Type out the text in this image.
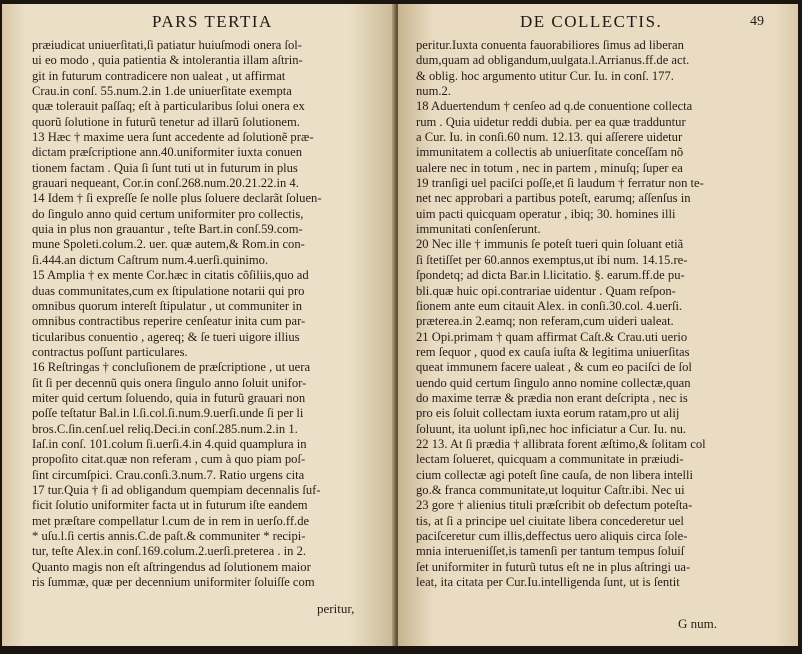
PARS TERTIA
præiudicat uniuerſitati,ſi patiatur huiuſmodi onera ſol-
ui eo modo , quia patientia & intolerantia illam aſtrin-
git in futurum contradicere non ualeat , ut affirmat
Crau.in conſ. 55.num.2.in 1.de uniuerſitate exempta
quæ tolerauit paſſaq; eſt à particularibus ſolui onera ex
quorũ ſolutione in futurũ tenetur ad illarũ ſolutionem.
13 Hæc † maxime uera ſunt accedente ad ſolutionẽ præ-
dictam præſcriptione ann.40.uniformiter iuxta conuen
tionem factam . Quia ſi ſunt tuti ut in futurum in plus
grauari nequeant, Cor.in conſ.268.num.20.21.22.in 4.
14 Idem † ſi expreſſe ſe nolle plus ſoluere declarãt ſoluen-
do ſingulo anno quid certum uniformiter pro collectis,
quia in plus non grauantur , teſte Bart.in conſ.59.com-
mune Spoleti.colum.2. uer. quæ autem,& Rom.in con-
ſi.444.an dictum Caſtrum num.4.uerſi.quinimo.
15 Amplia † ex mente Cor.hæc in citatis cõſiliis,quo ad
duas communitates,cum ex ſtipulatione notarii qui pro
omnibus quorum intereſt ſtipulatur , ut communiter in
omnibus contractibus reperire cenſeatur inita cum par-
ticularibus conuentio , agereq; & ſe tueri uigore illius
contractus poſſunt particulares.
16 Reſtringas † concluſionem de præſcriptione , ut uera
ſit ſi per decennũ quis onera ſingulo anno ſoluit unifor-
miter quid certum ſoluendo, quia in futurũ grauari non
poſſe teſtatur Bal.in l.ſi.col.ſi.num.9.uerſi.unde ſi per li
bros.C.ſin.cenſ.uel reliq.Deci.in conſ.285.num.2.in 1.
Iaſ.in conſ. 101.colum ſi.uerſi.4.in 4.quid quamplura in
propoſito citat.quæ non referam , cum à quo piam poſ-
ſint circumſpici. Crau.conſi.3.num.7. Ratio urgens cita
17 tur.Quia † ſi ad obligandum quempiam decennalis ſuf-
ficit ſolutio uniformiter facta ut in futurum iſte eandem
met præſtare compellatur l.cum de in rem in uerſo.ff.de
* uſu.l.ſi certis annis.C.de paſt.& communiter * recipi-
tur, teſte Alex.in conſ.169.colum.2.uerſi.preterea . in 2.
Quanto magis non eſt aſtringendus ad ſolutionem maior
ris ſummæ, quæ per decennium uniformiter ſoluiſſe com
peritur,
DE COLLECTIS.	49
peritur.Iuxta conuenta fauorabiliores ſimus ad liberan
dum,quam ad obligandum,uulgata.l.Arrianus.ff.de act.
& oblig. hoc argumento utitur Cur. Iu. in conſ. 177.
num.2.
18 Aduertendum † cenſeo ad q.de conuentione collecta
rum . Quia uidetur reddi dubia. per ea quæ tradduntur
a Cur. Iu. in conſi.60 num. 12.13. qui aſſerere uidetur
immunitatem a collectis ab uniuerſitate conceſſam nõ
ualere nec in totum , nec in partem , minuſq; ſuper ea
19 tranſigi uel paciſci poſſe,et ſi laudum † ferratur non te-
net nec approbari a partibus poteſt, earumq; aſſenſus in
uim pacti quicquam operatur , ibiq; 30. homines illi
immunitati conſenſerunt.
20 Nec ille † immunis ſe poteſt tueri quin ſoluant etiã
ſi ſtetiſſet per 60.annos exemptus,ut ibi num. 14.15.re-
ſpondetq; ad dicta Bar.in l.licitatio. §. earum.ff.de pu-
bli.quæ huic opi.contrariae uidentur . Quam reſpon-
ſionem ante eum citauit Alex. in conſi.30.col. 4.uerſi.
præterea.in 2.eamq; non referam,cum uideri ualeat.
21 Opi.primam † quam affirmat Caſt.& Crau.uti uerio
rem ſequor , quod ex cauſa iuſta & legitima uniuerſitas
queat immunem facere ualeat , & cum eo paciſci de ſol
uendo quid certum ſingulo anno nomine collectæ,quan
do maxime terræ & prædia non erant deſcripta , nec is
pro eis ſoluit collectam iuxta eorum ratam,pro ut alij
ſoluunt, ita uolunt ipſi,nec hoc inficiatur a Cur. Iu. nu.
22 13. At ſi prædia † allibrata forent æſtimo,& ſolitam col
lectam ſolueret, quicquam a communitate in præiudi-
cium collectæ agi poteſt ſine cauſa, de non libera intelli
go.& franca communitate,ut loquitur Caſtr.ibi. Nec ui
23 gore † alienius tituli præſcribit ob defectum poteſta-
tis, at ſi a principe uel ciuitate libera concederetur uel
paciſceretur cum illis,deffectus uero aliquis circa ſole-
mnia interueniſſet,is tamenſi per tantum tempus ſoluiſ
ſet uniformiter in futurũ tutus eſt ne in plus aſtringi ua-
leat, ita citata per Cur.Iu.intelligenda ſunt, ut is ſentit
G num.
